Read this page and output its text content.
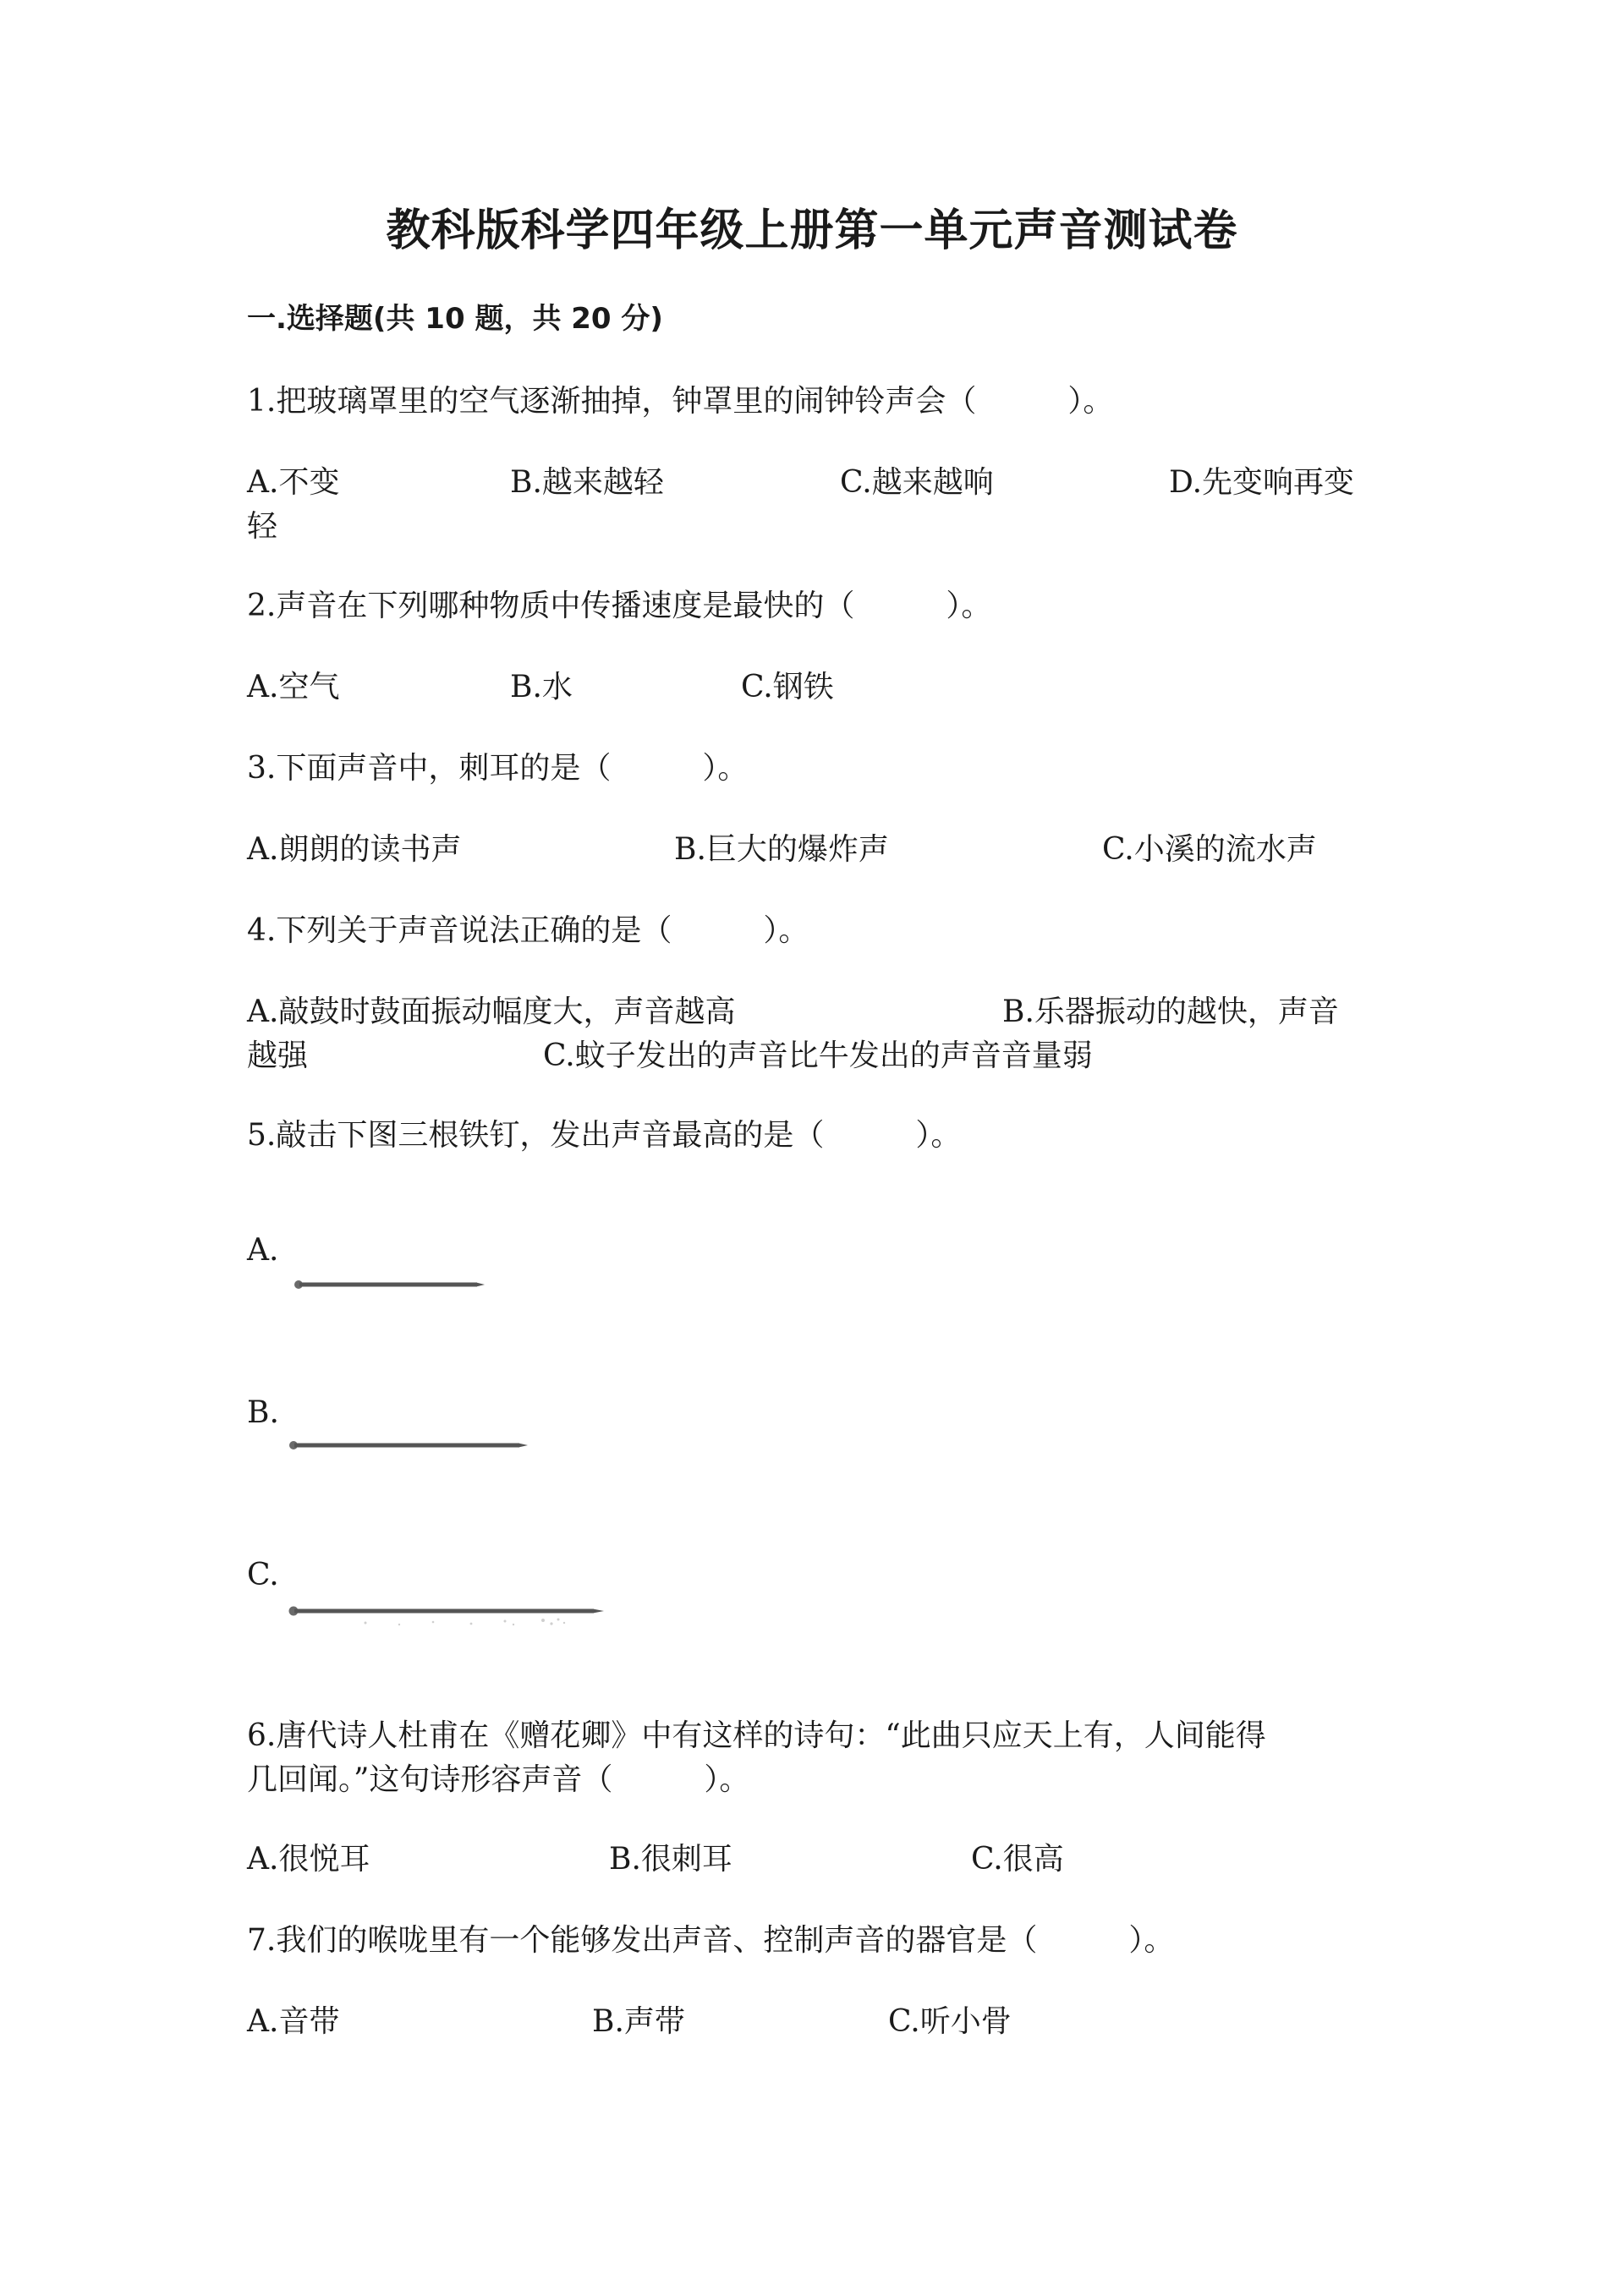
教科版科学四年级上册第一单元声音测试卷
一.选择题(共 10 题，共 20 分)
1.把玻璃罩里的空气逐渐抽掉，钟罩里的闹钟铃声会（　　　）。
A.不变	B.越来越轻	C.越来越响	D.先变响再变
轻
2.声音在下列哪种物质中传播速度是最快的（　　　）。
A.空气	B.水	C.钢铁
3.下面声音中，刺耳的是（　　　）。
A.朗朗的读书声	B.巨大的爆炸声	C.小溪的流水声
4.下列关于声音说法正确的是（　　　）。
A.敲鼓时鼓面振动幅度大，声音越高	B.乐器振动的越快，声音
越强	C.蚊子发出的声音比牛发出的声音音量弱
5.敲击下图三根铁钉，发出声音最高的是（　　　）。
A.
B.
C.
6.唐代诗人杜甫在《赠花卿》中有这样的诗句：“此曲只应天上有，人间能得
几回闻。”这句诗形容声音（　　　）。
A.很悦耳	B.很刺耳	C.很高
7.我们的喉咙里有一个能够发出声音、控制声音的器官是（　　　）。
A.音带	B.声带	C.听小骨
